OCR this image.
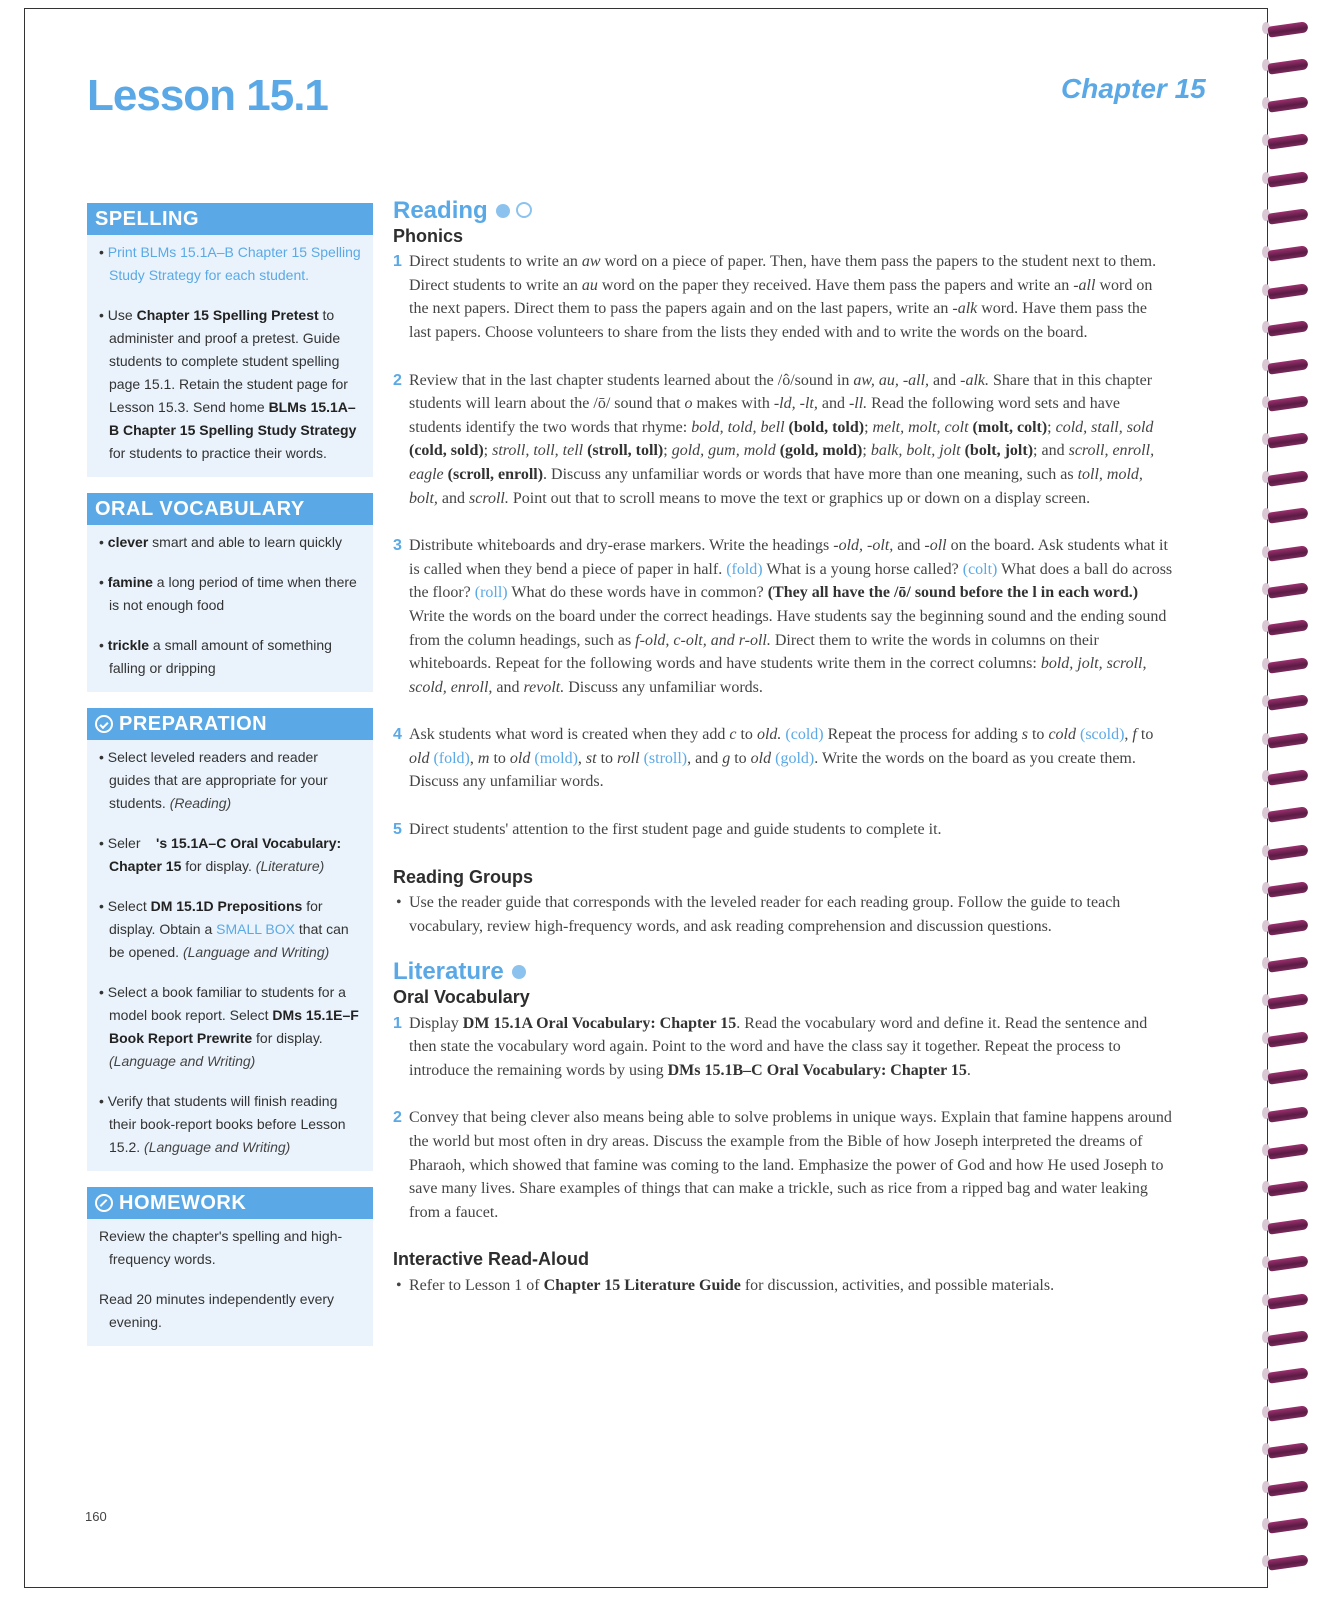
Lesson 15.1	Chapter 15
SPELLING
• Print BLMs 15.1A–B Chapter 15 Spelling Study Strategy for each student.
• Use Chapter 15 Spelling Pretest to administer and proof a pretest. Guide students to complete student spelling page 15.1. Retain the student page for Lesson 15.3. Send home BLMs 15.1A–B Chapter 15 Spelling Study Strategy for students to practice their words.
ORAL VOCABULARY
• clever smart and able to learn quickly
• famine a long period of time when there is not enough food
• trickle a small amount of something falling or dripping
PREPARATION
• Select leveled readers and reader guides that are appropriate for your students. (Reading)
• Seler 's 15.1A–C Oral Vocabulary: Chapter 15 for display. (Literature)
• Select DM 15.1D Prepositions for display. Obtain a SMALL BOX that can be opened. (Language and Writing)
• Select a book familiar to students for a model book report. Select DMs 15.1E–F Book Report Prewrite for display. (Language and Writing)
• Verify that students will finish reading their book-report books before Lesson 15.2. (Language and Writing)
HOMEWORK
Review the chapter's spelling and high-frequency words.
Read 20 minutes independently every evening.
Reading
Phonics
1 Direct students to write an aw word on a piece of paper. Then, have them pass the papers to the student next to them. Direct students to write an au word on the paper they received. Have them pass the papers and write an -all word on the next papers. Direct them to pass the papers again and on the last papers, write an -alk word. Have them pass the last papers. Choose volunteers to share from the lists they ended with and to write the words on the board.
2 Review that in the last chapter students learned about the /ô/sound in aw, au, -all, and -alk. Share that in this chapter students will learn about the /ō/ sound that o makes with -ld, -lt, and -ll. Read the following word sets and have students identify the two words that rhyme: bold, told, bell (bold, told); melt, molt, colt (molt, colt); cold, stall, sold (cold, sold); stroll, toll, tell (stroll, toll); gold, gum, mold (gold, mold); balk, bolt, jolt (bolt, jolt); and scroll, enroll, eagle (scroll, enroll). Discuss any unfamiliar words or words that have more than one meaning, such as toll, mold, bolt, and scroll. Point out that to scroll means to move the text or graphics up or down on a display screen.
3 Distribute whiteboards and dry-erase markers. Write the headings -old, -olt, and -oll on the board. Ask students what it is called when they bend a piece of paper in half. (fold) What is a young horse called? (colt) What does a ball do across the floor? (roll) What do these words have in common? (They all have the /ō/ sound before the l in each word.) Write the words on the board under the correct headings. Have students say the beginning sound and the ending sound from the column headings, such as f-old, c-olt, and r-oll. Direct them to write the words in columns on their whiteboards. Repeat for the following words and have students write them in the correct columns: bold, jolt, scroll, scold, enroll, and revolt. Discuss any unfamiliar words.
4 Ask students what word is created when they add c to old. (cold) Repeat the process for adding s to cold (scold), f to old (fold), m to old (mold), st to roll (stroll), and g to old (gold). Write the words on the board as you create them. Discuss any unfamiliar words.
5 Direct students' attention to the first student page and guide students to complete it.
Reading Groups
• Use the reader guide that corresponds with the leveled reader for each reading group. Follow the guide to teach vocabulary, review high-frequency words, and ask reading comprehension and discussion questions.
Literature
Oral Vocabulary
1 Display DM 15.1A Oral Vocabulary: Chapter 15. Read the vocabulary word and define it. Read the sentence and then state the vocabulary word again. Point to the word and have the class say it together. Repeat the process to introduce the remaining words by using DMs 15.1B–C Oral Vocabulary: Chapter 15.
2 Convey that being clever also means being able to solve problems in unique ways. Explain that famine happens around the world but most often in dry areas. Discuss the example from the Bible of how Joseph interpreted the dreams of Pharaoh, which showed that famine was coming to the land. Emphasize the power of God and how He used Joseph to save many lives. Share examples of things that can make a trickle, such as rice from a ripped bag and water leaking from a faucet.
Interactive Read-Aloud
• Refer to Lesson 1 of Chapter 15 Literature Guide for discussion, activities, and possible materials.
160
